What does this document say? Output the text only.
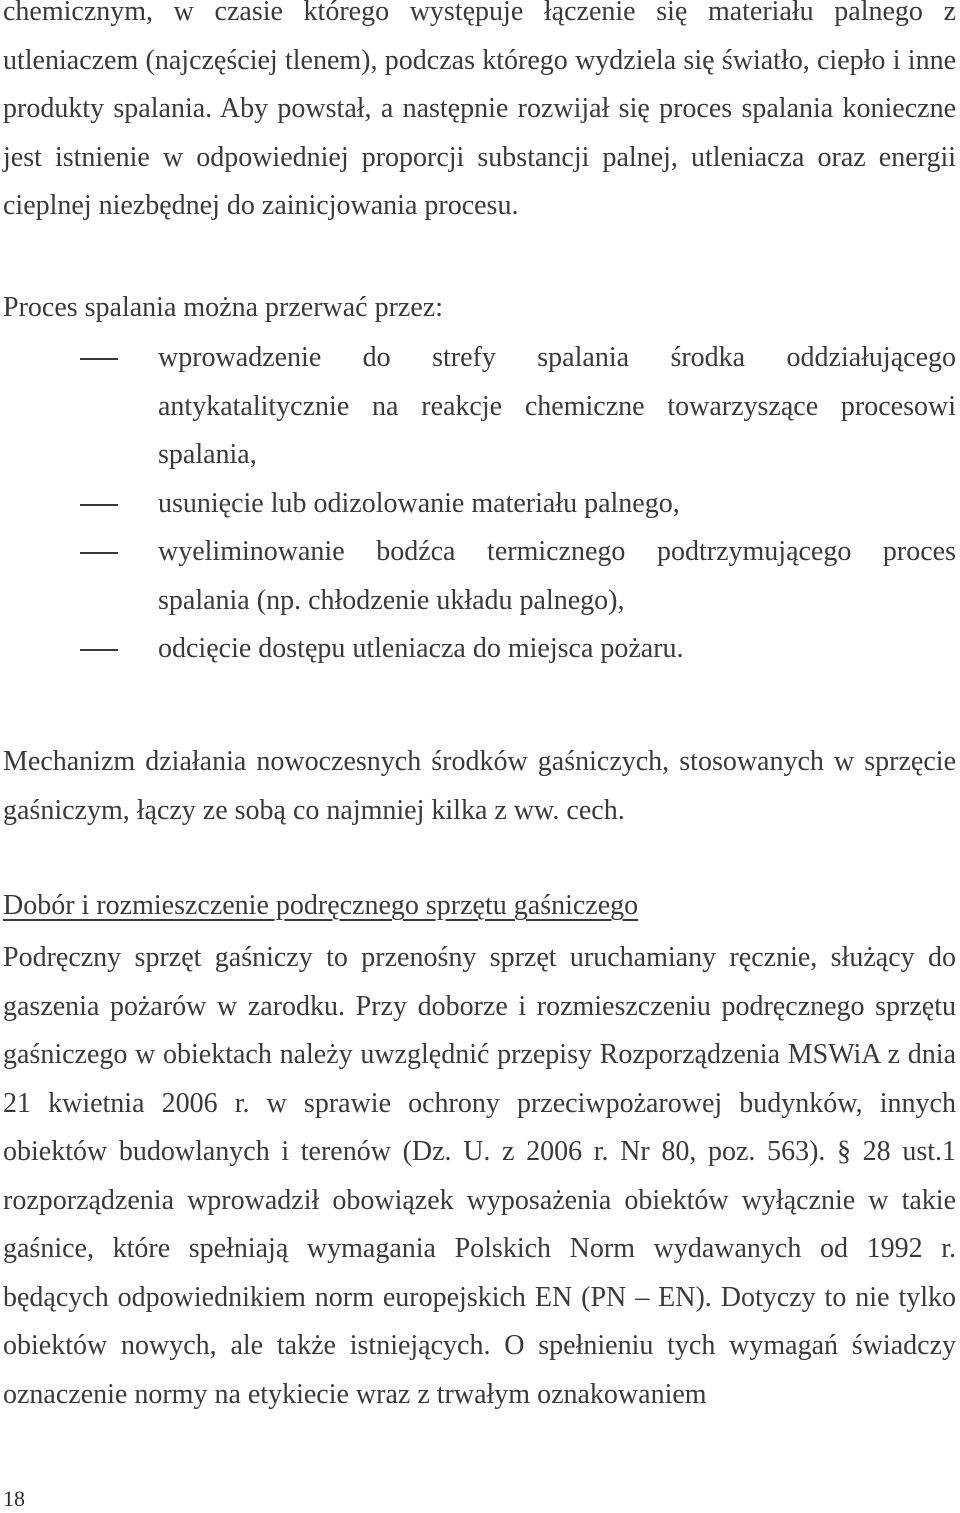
chemicznym, w czasie którego występuje łączenie się materiału palnego z utleniaczem (najczęściej tlenem), podczas którego wydziela się światło, ciepło i inne produkty spalania. Aby powstał, a następnie rozwijał się proces spalania konieczne jest istnienie w odpowiedniej proporcji substancji palnej, utleniacza oraz energii cieplnej niezbędnej do zainicjowania procesu.

Proces spalania można przerwać przez:

wprowadzenie do strefy spalania środka oddziałującego antykatalitycznie na reakcje chemiczne towarzyszące procesowi spalania,
usunięcie lub odizolowanie materiału palnego,
wyeliminowanie bodźca termicznego podtrzymującego proces spalania (np. chłodzenie układu palnego),
odcięcie dostępu utleniacza do miejsca pożaru.

Mechanizm działania nowoczesnych środków gaśniczych, stosowanych w sprzęcie gaśniczym, łączy ze sobą co najmniej kilka z ww. cech.

Dobór i rozmieszczenie podręcznego sprzętu gaśniczego

Podręczny sprzęt gaśniczy to przenośny sprzęt uruchamiany ręcznie, służący do gaszenia pożarów w zarodku. Przy doborze i rozmieszczeniu podręcznego sprzętu gaśniczego w obiektach należy uwzględnić przepisy Rozporządzenia MSWiA z dnia 21 kwietnia 2006 r. w sprawie ochrony przeciwpożarowej budynków, innych obiektów budowlanych i terenów (Dz. U. z 2006 r. Nr 80, poz. 563). § 28 ust.1 rozporządzenia wprowadził obowiązek wyposażenia obiektów wyłącznie w takie gaśnice, które spełniają wymagania Polskich Norm wydawanych od 1992 r. będących odpowiednikiem norm europejskich EN (PN – EN). Dotyczy to nie tylko obiektów nowych, ale także istniejących. O spełnieniu tych wymagań świadczy oznaczenie normy na etykiecie wraz z trwałym oznakowaniem

18
